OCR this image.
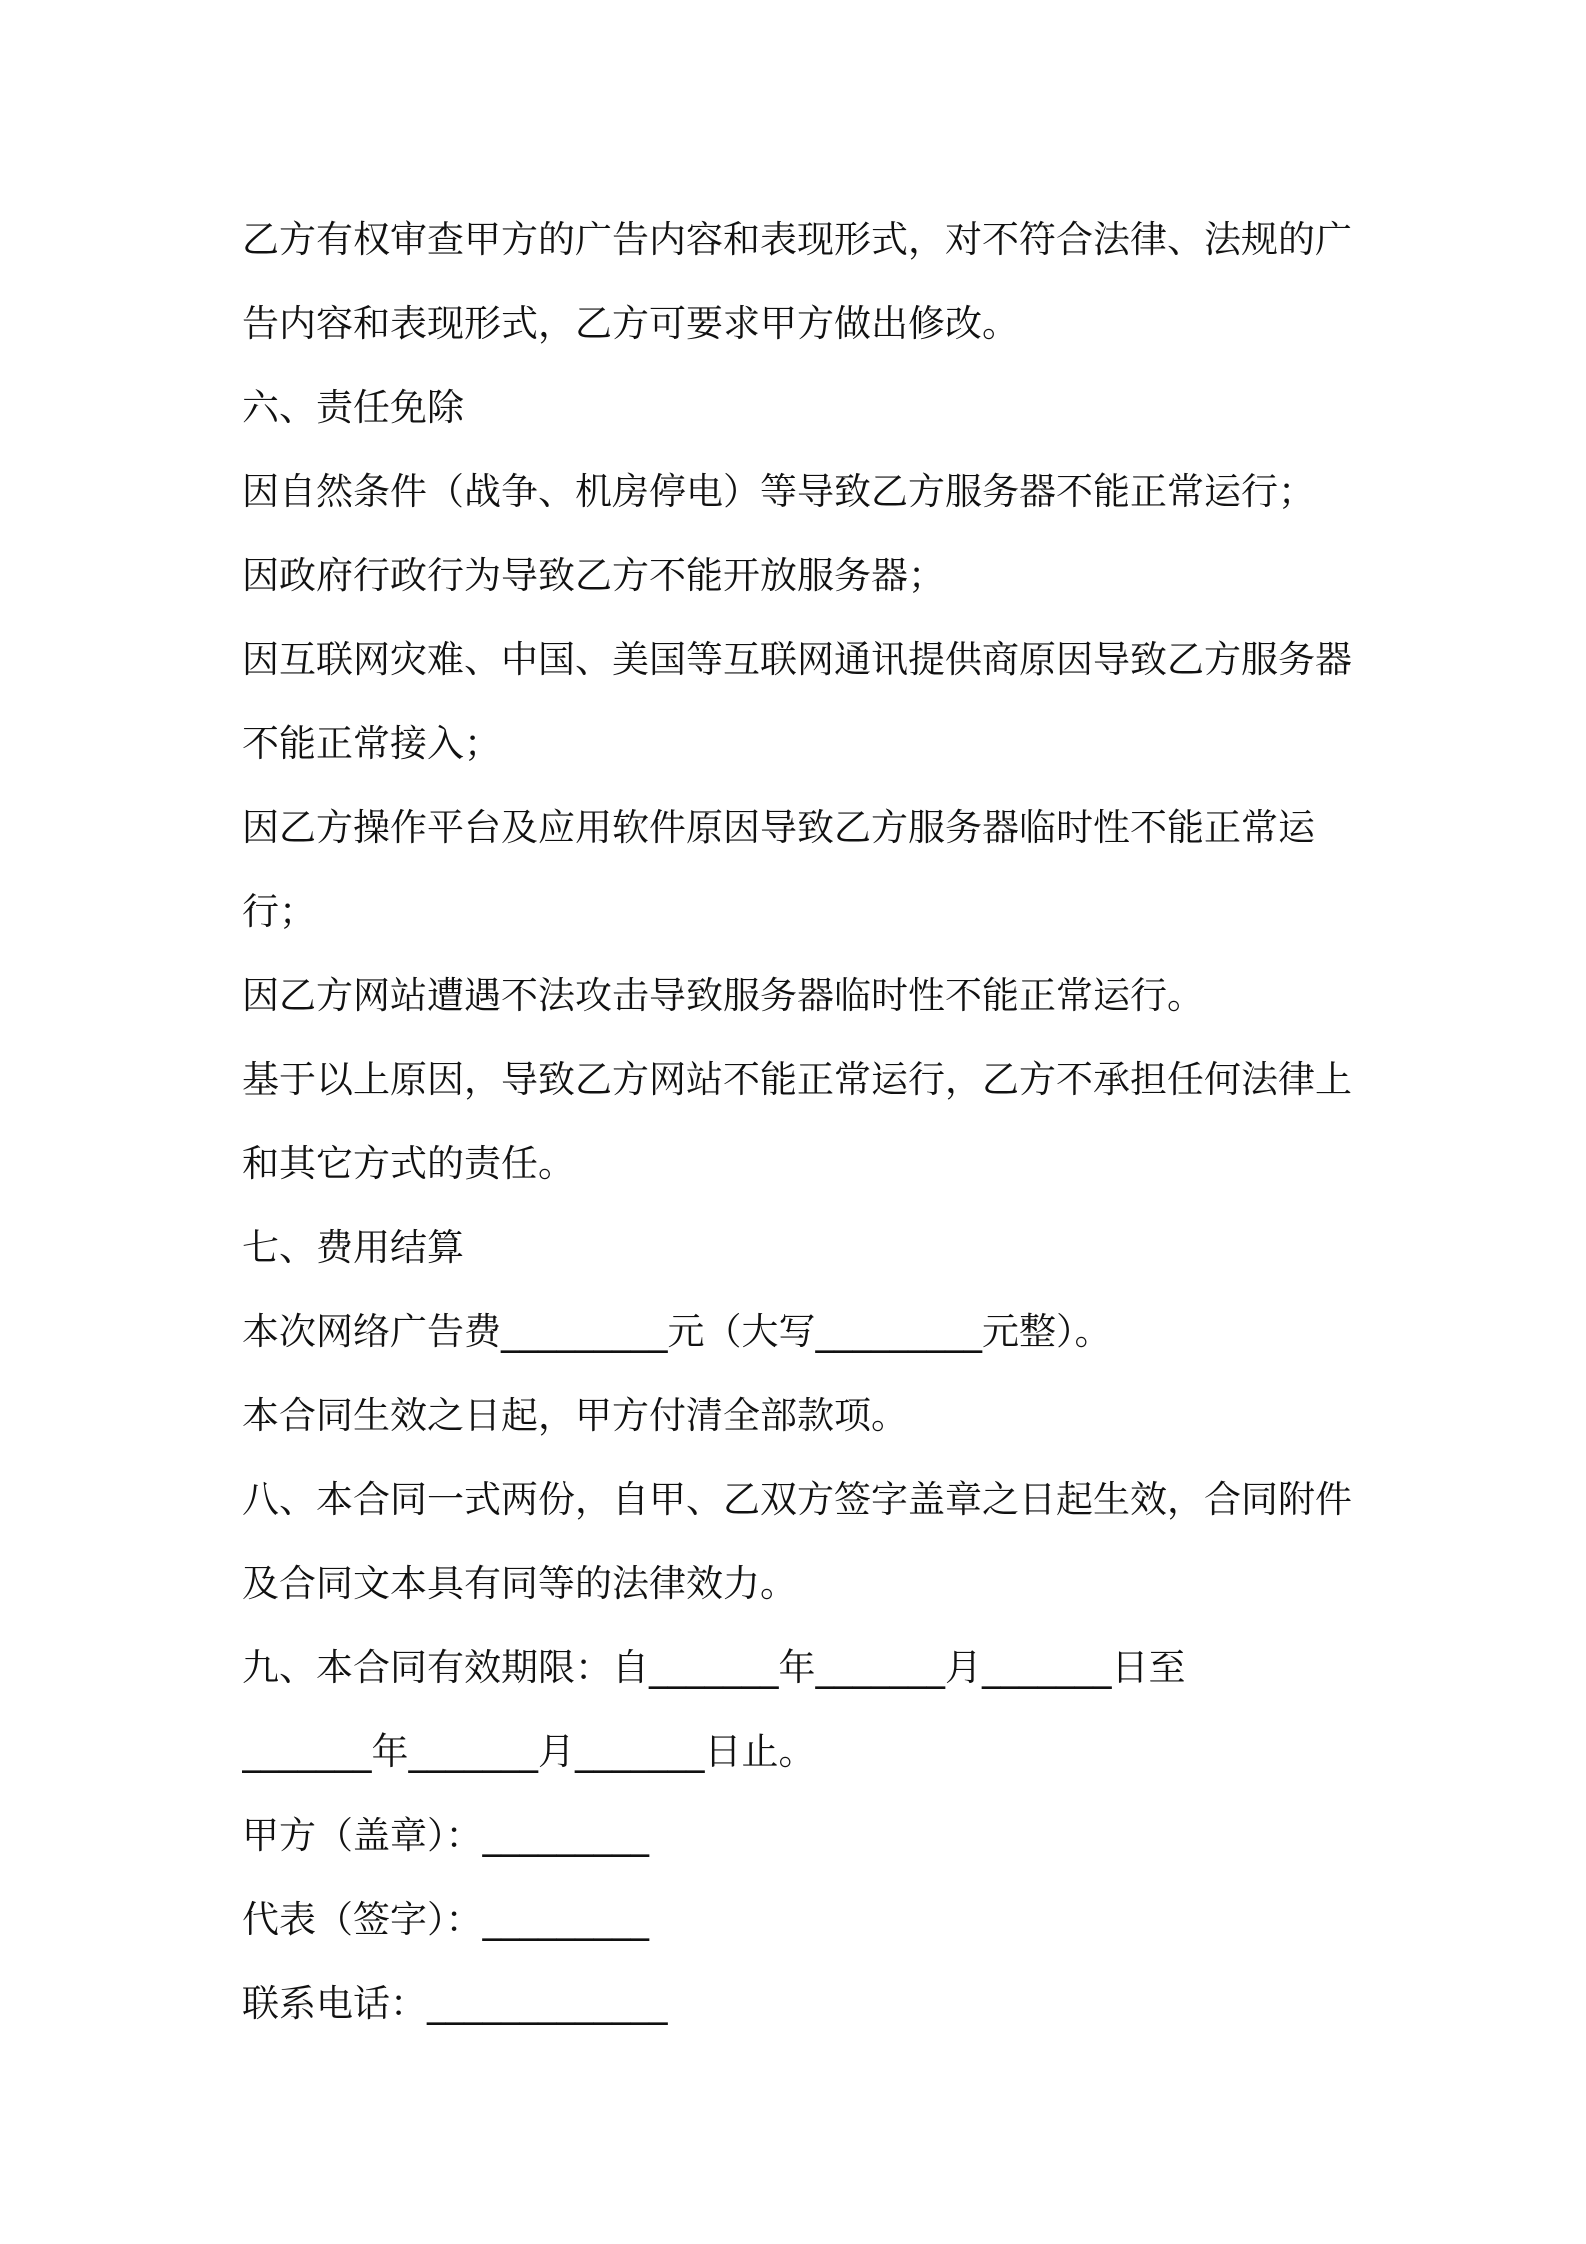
乙方有权审查甲方的广告内容和表现形式，对不符合法律、法规的广
告内容和表现形式，乙方可要求甲方做出修改。
六、责任免除
因自然条件（战争、机房停电）等导致乙方服务器不能正常运行；
因政府行政行为导致乙方不能开放服务器；
因互联网灾难、中国、美国等互联网通讯提供商原因导致乙方服务器
不能正常接入；
因乙方操作平台及应用软件原因导致乙方服务器临时性不能正常运
行；
因乙方网站遭遇不法攻击导致服务器临时性不能正常运行。
基于以上原因，导致乙方网站不能正常运行，乙方不承担任何法律上
和其它方式的责任。
七、费用结算
本次网络广告费_________元（大写_________元整）。
本合同生效之日起，甲方付清全部款项。
八、本合同一式两份，自甲、乙双方签字盖章之日起生效，合同附件
及合同文本具有同等的法律效力。
九、本合同有效期限：自_______年_______月_______日至
_______年_______月_______日止。
甲方（盖章）：_________
代表（签字）：_________
联系电话：_____________
